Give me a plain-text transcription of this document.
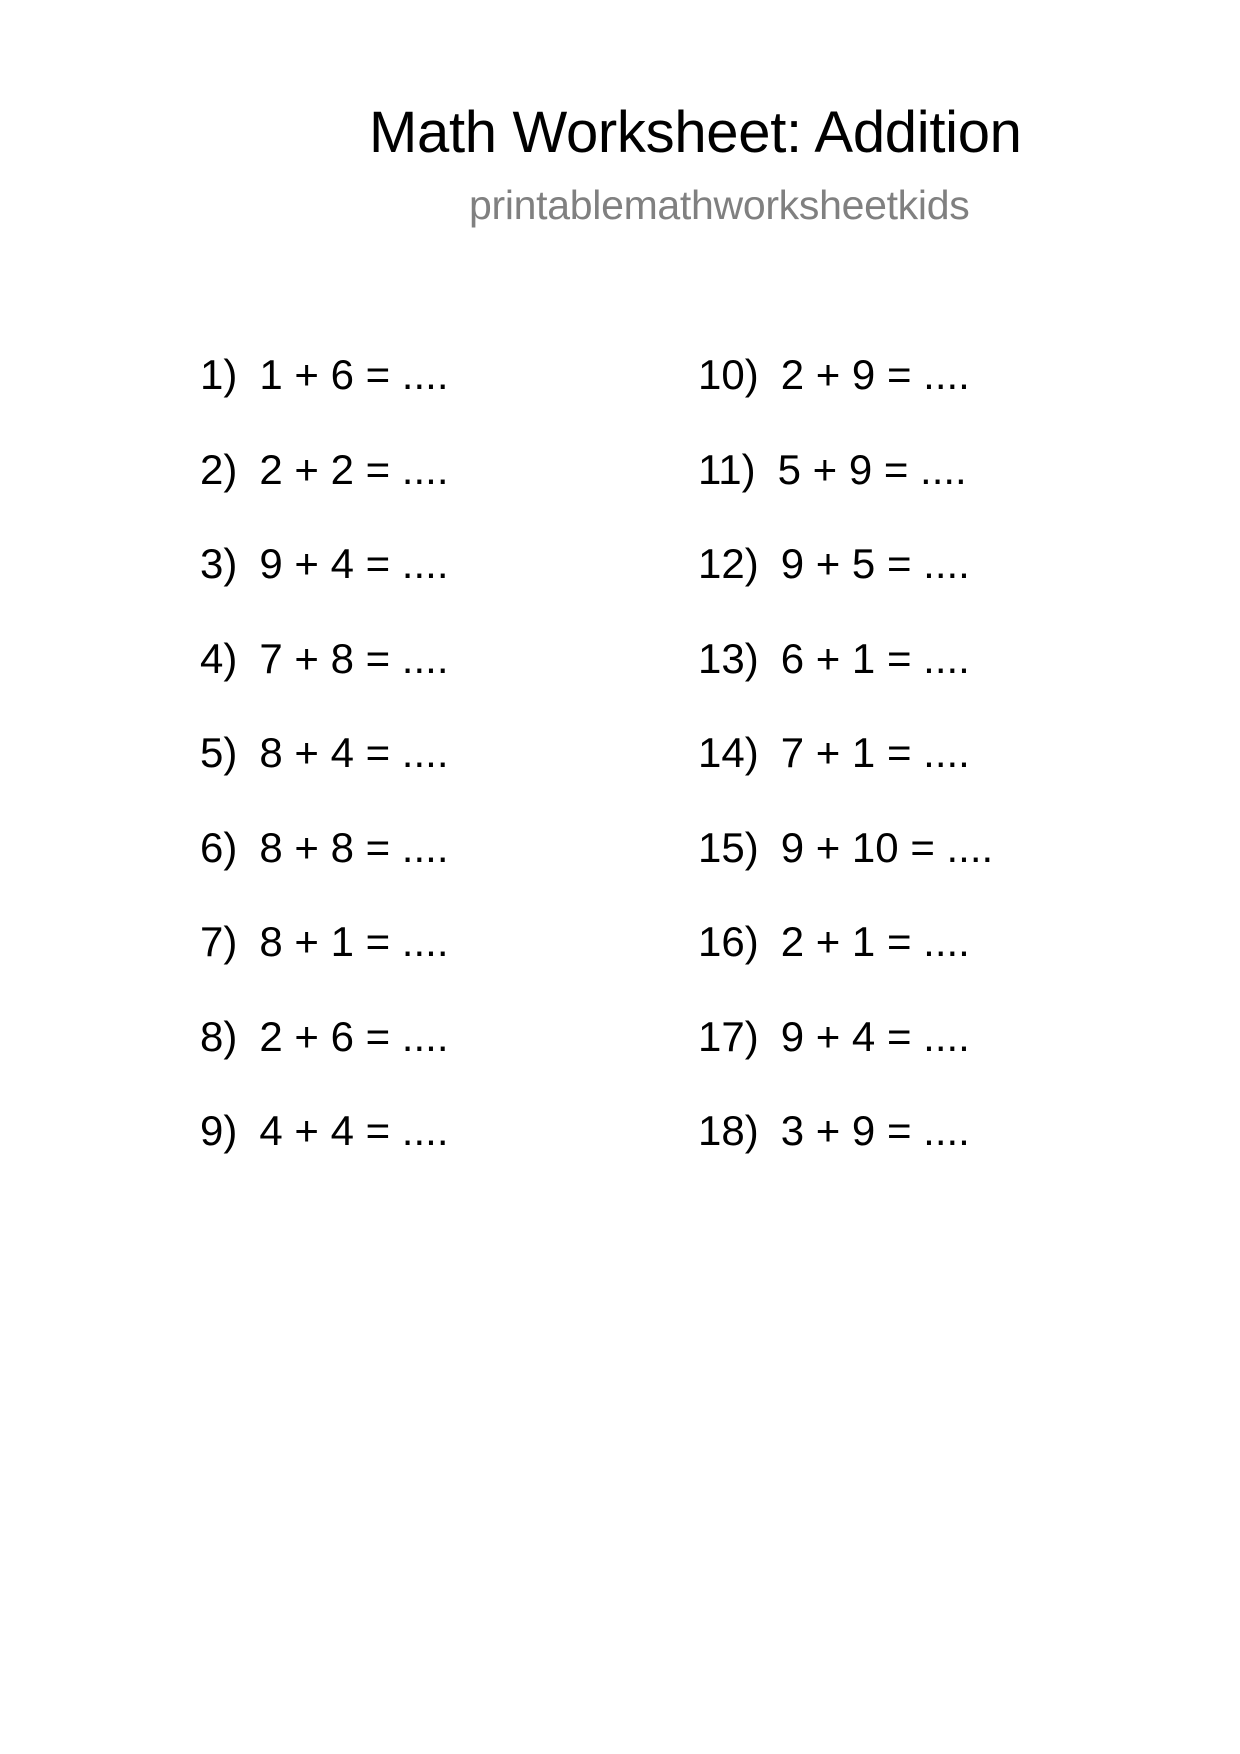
Math Worksheet: Addition
printablemathworksheetkids
1) 1 + 6 = ....
2) 2 + 2 = ....
3) 9 + 4 = ....
4) 7 + 8 = ....
5) 8 + 4 = ....
6) 8 + 8 = ....
7) 8 + 1 = ....
8) 2 + 6 = ....
9) 4 + 4 = ....
10) 2 + 9 = ....
11) 5 + 9 = ....
12) 9 + 5 = ....
13) 6 + 1 = ....
14) 7 + 1 = ....
15) 9 + 10 = ....
16) 2 + 1 = ....
17) 9 + 4 = ....
18) 3 + 9 = ....
